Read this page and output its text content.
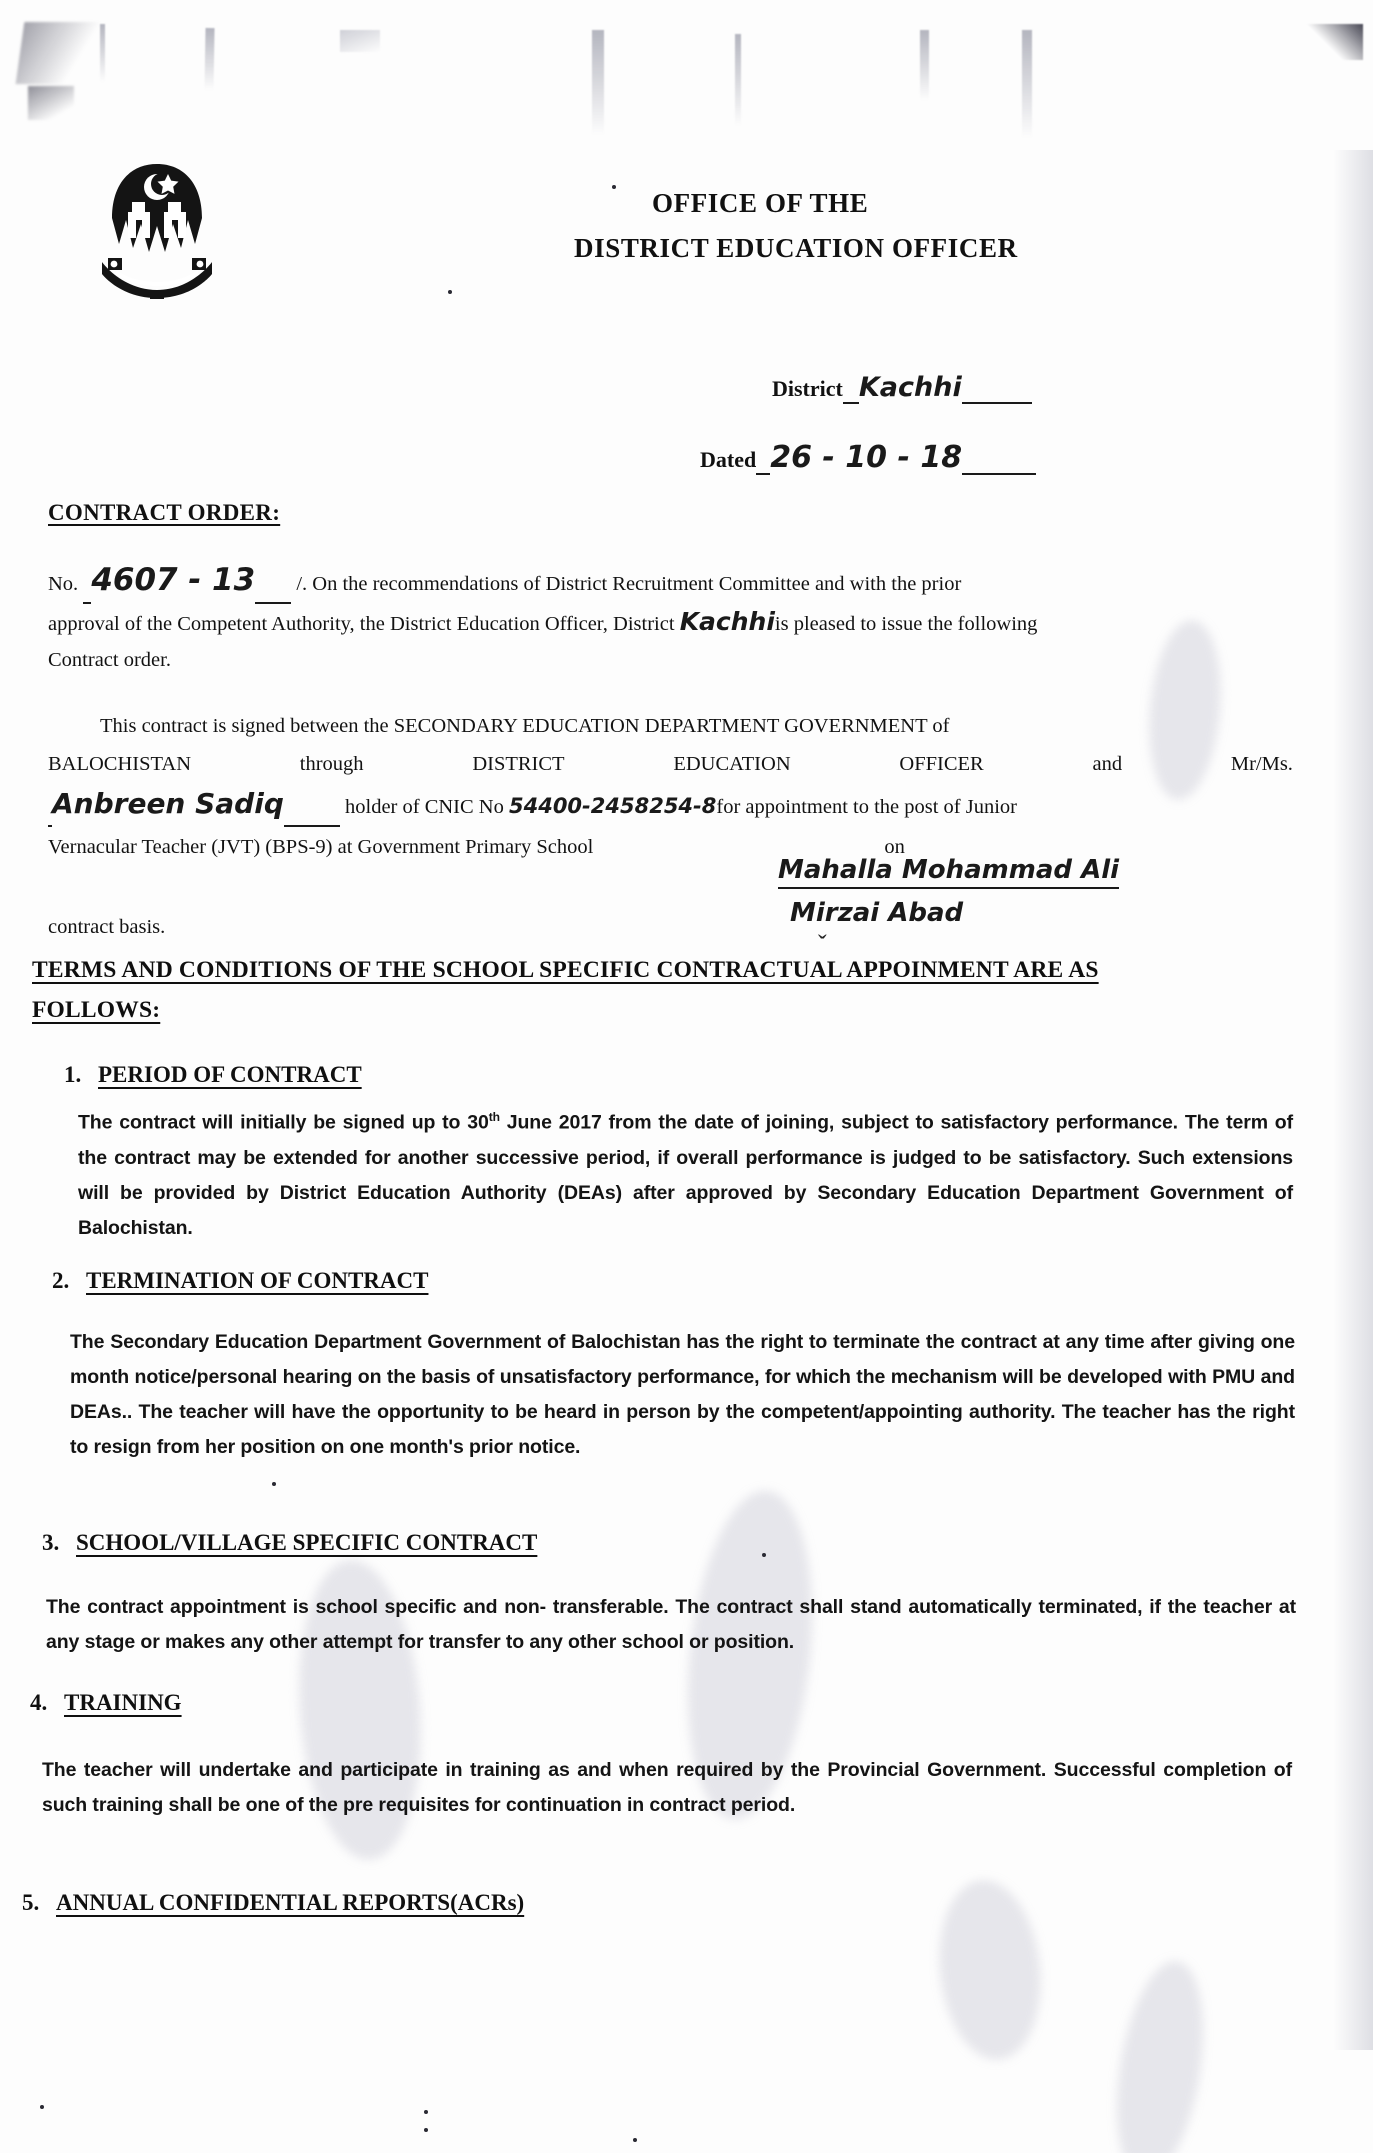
OFFICE OF THE
DISTRICT EDUCATION OFFICER
District Kachhi
Dated 26 - 10 - 18
CONTRACT ORDER:
No. 4607 - 13 /. On the recommendations of District Recruitment Committee and with the prior
approval of the Competent Authority, the District Education Officer, District Kachhiis pleased to issue the following
Contract order.
This contract is signed between the SECONDARY EDUCATION DEPARTMENT GOVERNMENT of
BALOCHISTAN	through	DISTRICT	EDUCATION	OFFICER	and	Mr/Ms.
Anbreen Sadiq	holder of CNIC No 54400-2458254-8for appointment to the post of Junior
Vernacular Teacher (JVT) (BPS-9) at Government Primary School	on
contract basis.
Mahalla Mohammad Ali
Mirzai Abad
ˇ
TERMS AND CONDITIONS OF THE SCHOOL SPECIFIC CONTRACTUAL APPOINMENT ARE AS
FOLLOWS:
1. PERIOD OF CONTRACT
The contract will initially be signed up to 30th June 2017 from the date of joining, subject to satisfactory performance. The term of the contract may be extended for another successive period, if overall performance is judged to be satisfactory. Such extensions will be provided by District Education Authority (DEAs) after approved by Secondary Education Department Government of Balochistan.
2. TERMINATION OF CONTRACT
The Secondary Education Department Government of Balochistan has the right to terminate the contract at any time after giving one month notice/personal hearing on the basis of unsatisfactory performance, for which the mechanism will be developed with PMU and DEAs.. The teacher will have the opportunity to be heard in person by the competent/appointing authority. The teacher has the right to resign from her position on one month's prior notice.
3. SCHOOL/VILLAGE SPECIFIC CONTRACT
The contract appointment is school specific and non- transferable. The contract shall stand automatically terminated, if the teacher at any stage or makes any other attempt for transfer to any other school or position.
4. TRAINING
The teacher will undertake and participate in training as and when required by the Provincial Government. Successful completion of such training shall be one of the pre requisites for continuation in contract period.
5. ANNUAL CONFIDENTIAL REPORTS(ACRs)
